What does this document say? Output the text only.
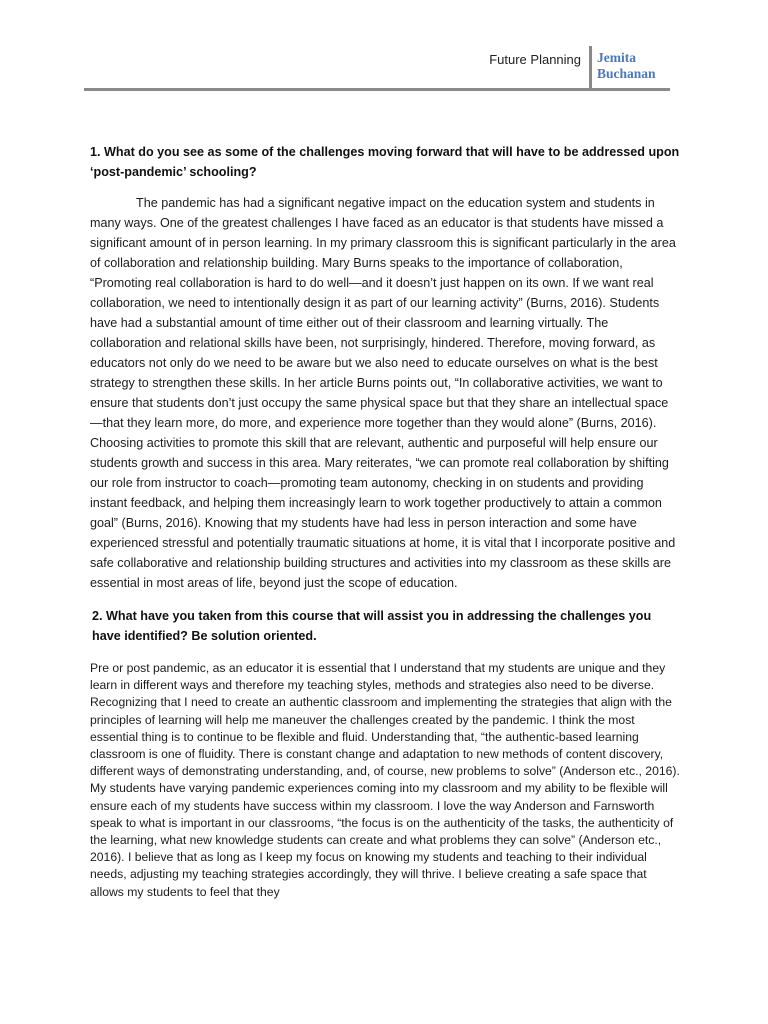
Future Planning Jemita Buchanan
1. What do you see as some of the challenges moving forward that will have to be addressed upon ‘post-pandemic’ schooling?

The pandemic has had a significant negative impact on the education system and students in many ways. One of the greatest challenges I have faced as an educator is that students have missed a significant amount of in person learning. In my primary classroom this is significant particularly in the area of collaboration and relationship building. Mary Burns speaks to the importance of collaboration, “Promoting real collaboration is hard to do well—and it doesn’t just happen on its own. If we want real collaboration, we need to intentionally design it as part of our learning activity” (Burns, 2016). Students have had a substantial amount of time either out of their classroom and learning virtually. The collaboration and relational skills have been, not surprisingly, hindered. Therefore, moving forward, as educators not only do we need to be aware but we also need to educate ourselves on what is the best strategy to strengthen these skills. In her article Burns points out, “In collaborative activities, we want to ensure that students don’t just occupy the same physical space but that they share an intellectual space—that they learn more, do more, and experience more together than they would alone” (Burns, 2016). Choosing activities to promote this skill that are relevant, authentic and purposeful will help ensure our students growth and success in this area. Mary reiterates, “we can promote real collaboration by shifting our role from instructor to coach—promoting team autonomy, checking in on students and providing instant feedback, and helping them increasingly learn to work together productively to attain a common goal” (Burns, 2016). Knowing that my students have had less in person interaction and some have experienced stressful and potentially traumatic situations at home, it is vital that I incorporate positive and safe collaborative and relationship building structures and activities into my classroom as these skills are essential in most areas of life, beyond just the scope of education.

2. What have you taken from this course that will assist you in addressing the challenges you have identified? Be solution oriented.

Pre or post pandemic, as an educator it is essential that I understand that my students are unique and they learn in different ways and therefore my teaching styles, methods and strategies also need to be diverse. Recognizing that I need to create an authentic classroom and implementing the strategies that align with the principles of learning will help me maneuver the challenges created by the pandemic. I think the most essential thing is to continue to be flexible and fluid. Understanding that, “the authentic-based learning classroom is one of fluidity. There is constant change and adaptation to new methods of content discovery, different ways of demonstrating understanding, and, of course, new problems to solve” (Anderson etc., 2016). My students have varying pandemic experiences coming into my classroom and my ability to be flexible will ensure each of my students have success within my classroom. I love the way Anderson and Farnsworth speak to what is important in our classrooms, “the focus is on the authenticity of the tasks, the authenticity of the learning, what new knowledge students can create and what problems they can solve” (Anderson etc., 2016). I believe that as long as I keep my focus on knowing my students and teaching to their individual needs, adjusting my teaching strategies accordingly, they will thrive. I believe creating a safe space that allows my students to feel that they
